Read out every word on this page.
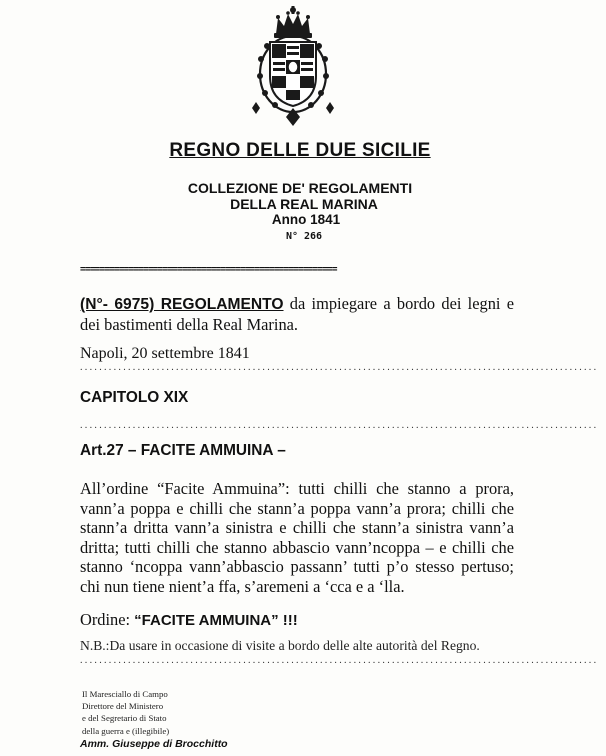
REGNO DELLE DUE SICILIE
COLLEZIONE DE' REGOLAMENTI
DELLA REAL MARINA
Anno 1841
N° 266
=====================================================
(N°- 6975) REGOLAMENTO da impiegare a bordo dei legni e dei bastimenti della Real Marina.
Napoli, 20 settembre 1841
............................................................................................................
CAPITOLO XIX
............................................................................................................
Art.27 – FACITE AMMUINA –
All’ordine “Facite Ammuina”: tutti chilli che stanno a prora, vann’a poppa e chilli che stann’a poppa vann’a prora; chilli che stann’a dritta vann’a sinistra e chilli che stann’a sinistra vann’a dritta; tutti chilli che stanno abbascio vann’ncoppa – e chilli che stanno ‘ncoppa vann’abbascio passann’ tutti p’o stesso pertuso; chi nun tiene nient’a ffa, s’aremeni a ‘cca e a ‘lla.
Ordine: “FACITE AMMUINA” !!!
N.B.:Da usare in occasione di visite a bordo delle alte autorità del Regno.
............................................................................................................
Il Maresciallo di Campo
Direttore del Ministero
e del Segretario di Stato
della guerra e (illegibile)
Amm. Giuseppe di Brocchitto
